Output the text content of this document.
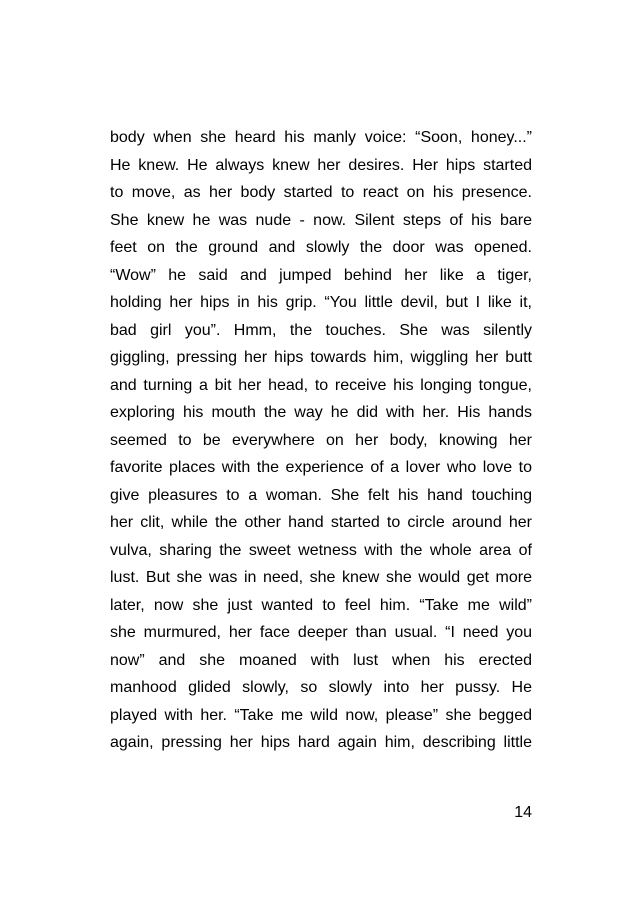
body when she heard his manly voice: “Soon, honey...”
He knew. He always knew her desires. Her hips started
to move, as her body started to react on his presence.
She knew he was nude - now. Silent steps of his bare
feet on the ground and slowly the door was opened.
“Wow” he said and jumped behind her like a tiger,
holding her hips in his grip. “You little devil, but I like it,
bad girl you”. Hmm, the touches. She was silently
giggling, pressing her hips towards him, wiggling her butt
and turning a bit her head, to receive his longing tongue,
exploring his mouth the way he did with her. His hands
seemed to be everywhere on her body, knowing her
favorite places with the experience of a lover who love to
give pleasures to a woman. She felt his hand touching
her clit, while the other hand started to circle around her
vulva, sharing the sweet wetness with the whole area of
lust. But she was in need, she knew she would get more
later, now she just wanted to feel him. “Take me wild”
she murmured, her face deeper than usual. “I need you
now” and she moaned with lust when his erected
manhood glided slowly, so slowly into her pussy. He
played with her. “Take me wild now, please” she begged
again, pressing her hips hard again him, describing little
14
